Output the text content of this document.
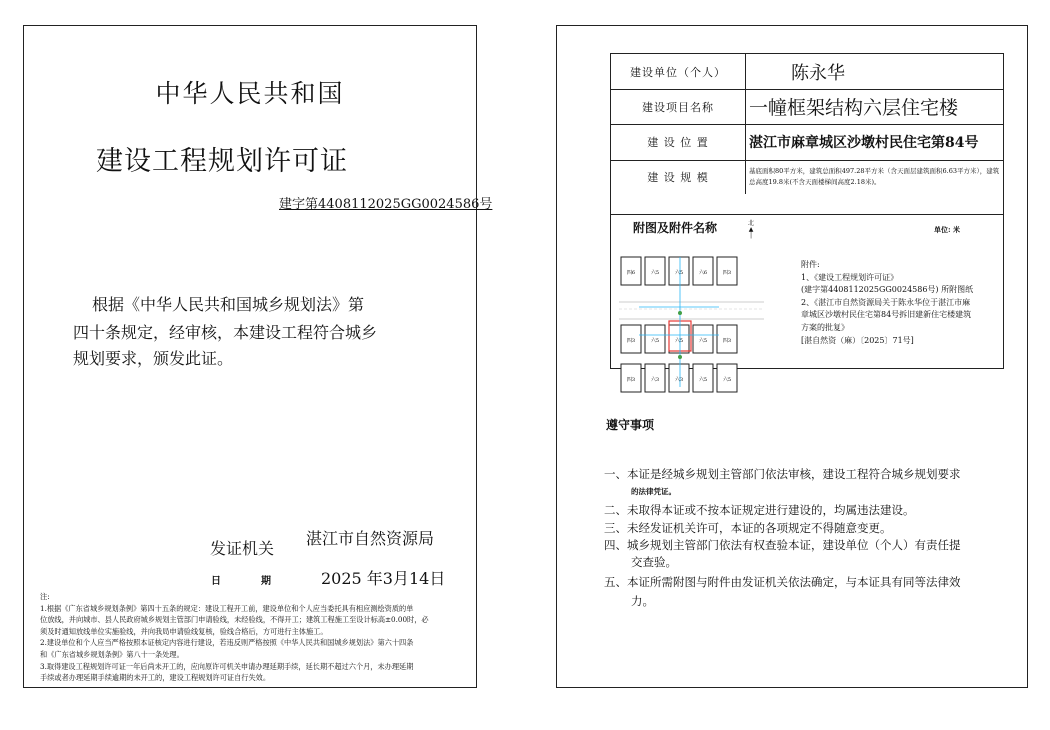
中华人民共和国
建设工程规划许可证
建字第4408112025GG0024586号
根据《中华人民共和国城乡规划法》第
四十条规定，经审核，本建设工程符合城乡
规划要求，颁发此证。
发证机关
湛江市自然资源局
日	期	2025 年3月14日
注:
1.根据《广东省城乡规划条例》第四十五条的规定：建设工程开工前，建设单位和个人应当委托具有相应测绘资质的单
位放线，并向城市、县人民政府城乡规划主管部门申请验线，未经验线，不得开工；建筑工程施工至设计标高±0.00时，必
须及时通知放线单位实施验线，并向我局申请验线复核，验线合格后，方可进行主体施工。
2.建设单位和个人应当严格按照本证核定内容进行建设，若违反则严格按照《中华人民共和国城乡规划法》第六十四条
和《广东省城乡规划条例》第八十一条处理。
3.取得建设工程规划许可证一年后尚未开工的，应向原许可机关申请办理延期手续，延长期不超过六个月，未办理延期
手续或者办理延期手续逾期的未开工的，建设工程规划许可证自行失效。
建设单位（个人）	陈永华
建设项目名称	一幢框架结构六层住宅楼
建 设 位 置	湛江市麻章城区沙墩村民住宅第84号
建 设 规 模	基底面积80平方米，建筑总面积497.28平方米（含天面层建筑面积6.63平方米），建筑总高度19.8米(不含天面楼梯间高度2.18米)。
附图及附件名称	北
▲
│
单位: 米
四6	六5	六5	六6	四3
四3	六5	六5	六5	四3
四3	六3	六3	六5	六5
附件:
1、《建设工程规划许可证》
(建字第4408112025GG0024586号) 所附图纸
2、《湛江市自然资源局关于陈永华位于湛江市麻
章城区沙墩村民住宅第84号拆旧建新住宅楼建筑
方案的批复》
[湛自然资（麻）〔2025〕71号]
遵守事项
一、本证是经城乡规划主管部门依法审核，建设工程符合城乡规划要求
的法律凭证。
二、未取得本证或不按本证规定进行建设的，均属违法建设。
三、未经发证机关许可，本证的各项规定不得随意变更。
四、城乡规划主管部门依法有权查验本证，建设单位（个人）有责任提
交查验。
五、本证所需附图与附件由发证机关依法确定，与本证具有同等法律效
力。
